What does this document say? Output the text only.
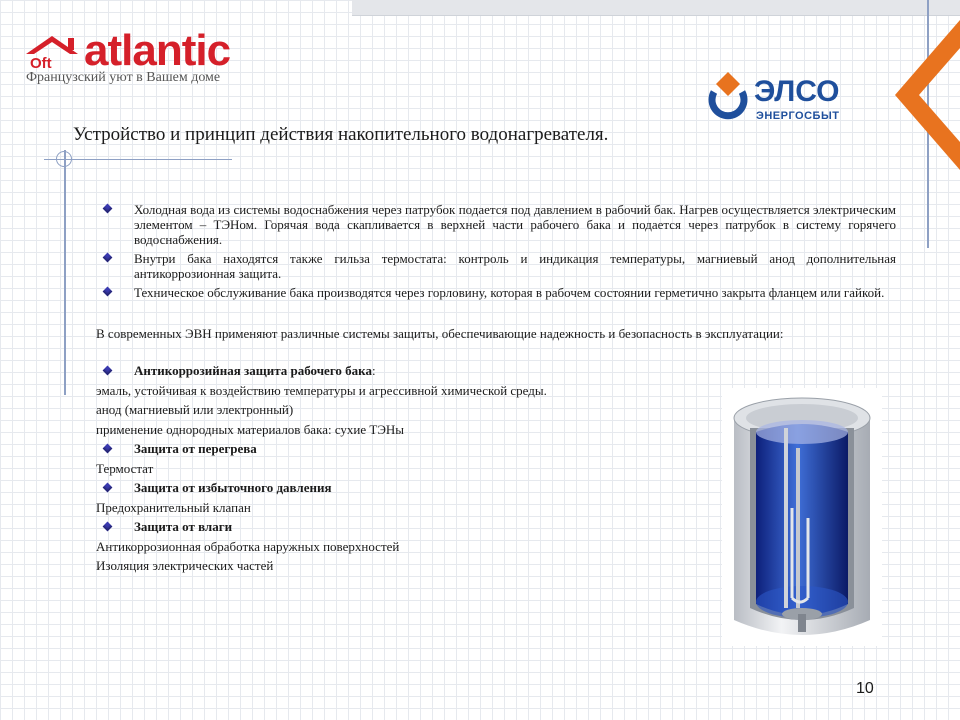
Oft atlantic
Французский уют в Вашем доме	ЭЛСО
ЭНЕРГОСБЫТ
Устройство и принцип действия накопительного водонагревателя.

Холодная вода из системы водоснабжения через патрубок подается под давлением в рабочий бак. Нагрев осуществляется электрическим элементом – ТЭНом. Горячая вода скапливается в верхней части рабочего бака и подается через патрубок в систему горячего водоснабжения.

Внутри бака находятся также гильза термостата: контроль и индикация температуры, магниевый анод дополнительная антикоррозионная защита.

Техническое обслуживание бака производятся через горловину, которая в рабочем состоянии герметично закрыта фланцем или гайкой.

В современных ЭВН применяют различные системы защиты, обеспечивающие надежность и безопасность в эксплуатации:

Антикоррозийная защита рабочего бака:
эмаль, устойчивая к воздействию температуры и агрессивной химической среды.
анод (магниевый или электронный)
применение однородных материалов бака: сухие ТЭНы
Защита от перегрева
Термостат
Защита от избыточного давления
Предохранительный клапан
Защита от влаги
Антикоррозионная обработка наружных поверхностей
Изоляция электрических частей
10
